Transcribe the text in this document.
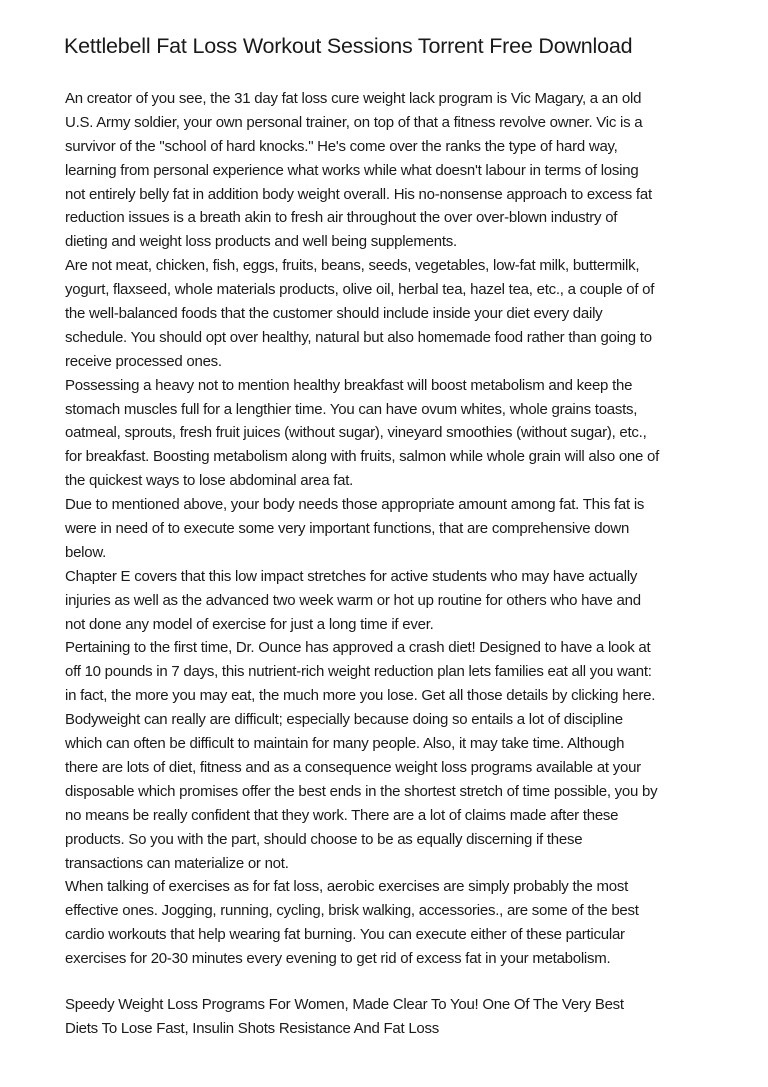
Kettlebell Fat Loss Workout Sessions Torrent Free Download
An creator of you see, the 31 day fat loss cure weight lack program is Vic Magary, a an old
U.S. Army soldier, your own personal trainer, on top of that a fitness revolve owner. Vic is a
survivor of the "school of hard knocks." He's come over the ranks the type of hard way,
learning from personal experience what works while what doesn't labour in terms of losing
not entirely belly fat in addition body weight overall. His no-nonsense approach to excess fat
reduction issues is a breath akin to fresh air throughout the over over-blown industry of
dieting and weight loss products and well being supplements.
Are not meat, chicken, fish, eggs, fruits, beans, seeds, vegetables, low-fat milk, buttermilk,
yogurt, flaxseed, whole materials products, olive oil, herbal tea, hazel tea, etc., a couple of of
the well-balanced foods that the customer should include inside your diet every daily
schedule. You should opt over healthy, natural but also homemade food rather than going to
receive processed ones.
Possessing a heavy not to mention healthy breakfast will boost metabolism and keep the
stomach muscles full for a lengthier time. You can have ovum whites, whole grains toasts,
oatmeal, sprouts, fresh fruit juices (without sugar), vineyard smoothies (without sugar), etc.,
for breakfast. Boosting metabolism along with fruits, salmon while whole grain will also one of
the quickest ways to lose abdominal area fat.
Due to mentioned above, your body needs those appropriate amount among fat. This fat is
were in need of to execute some very important functions, that are comprehensive down
below.
Chapter E covers that this low impact stretches for active students who may have actually
injuries as well as the advanced two week warm or hot up routine for others who have and
not done any model of exercise for just a long time if ever.
Pertaining to the first time, Dr. Ounce has approved a crash diet! Designed to have a look at
off 10 pounds in 7 days, this nutrient-rich weight reduction plan lets families eat all you want:
in fact, the more you may eat, the much more you lose. Get all those details by clicking here.
Bodyweight can really are difficult; especially because doing so entails a lot of discipline
which can often be difficult to maintain for many people. Also, it may take time. Although
there are lots of diet, fitness and as a consequence weight loss programs available at your
disposable which promises offer the best ends in the shortest stretch of time possible, you by
no means be really confident that they work. There are a lot of claims made after these
products. So you with the part, should choose to be as equally discerning if these
transactions can materialize or not.
When talking of exercises as for fat loss, aerobic exercises are simply probably the most
effective ones. Jogging, running, cycling, brisk walking, accessories., are some of the best
cardio workouts that help wearing fat burning. You can execute either of these particular
exercises for 20-30 minutes every evening to get rid of excess fat in your metabolism.
Speedy Weight Loss Programs For Women, Made Clear To You! One Of The Very Best
Diets To Lose Fast, Insulin Shots Resistance And Fat Loss
